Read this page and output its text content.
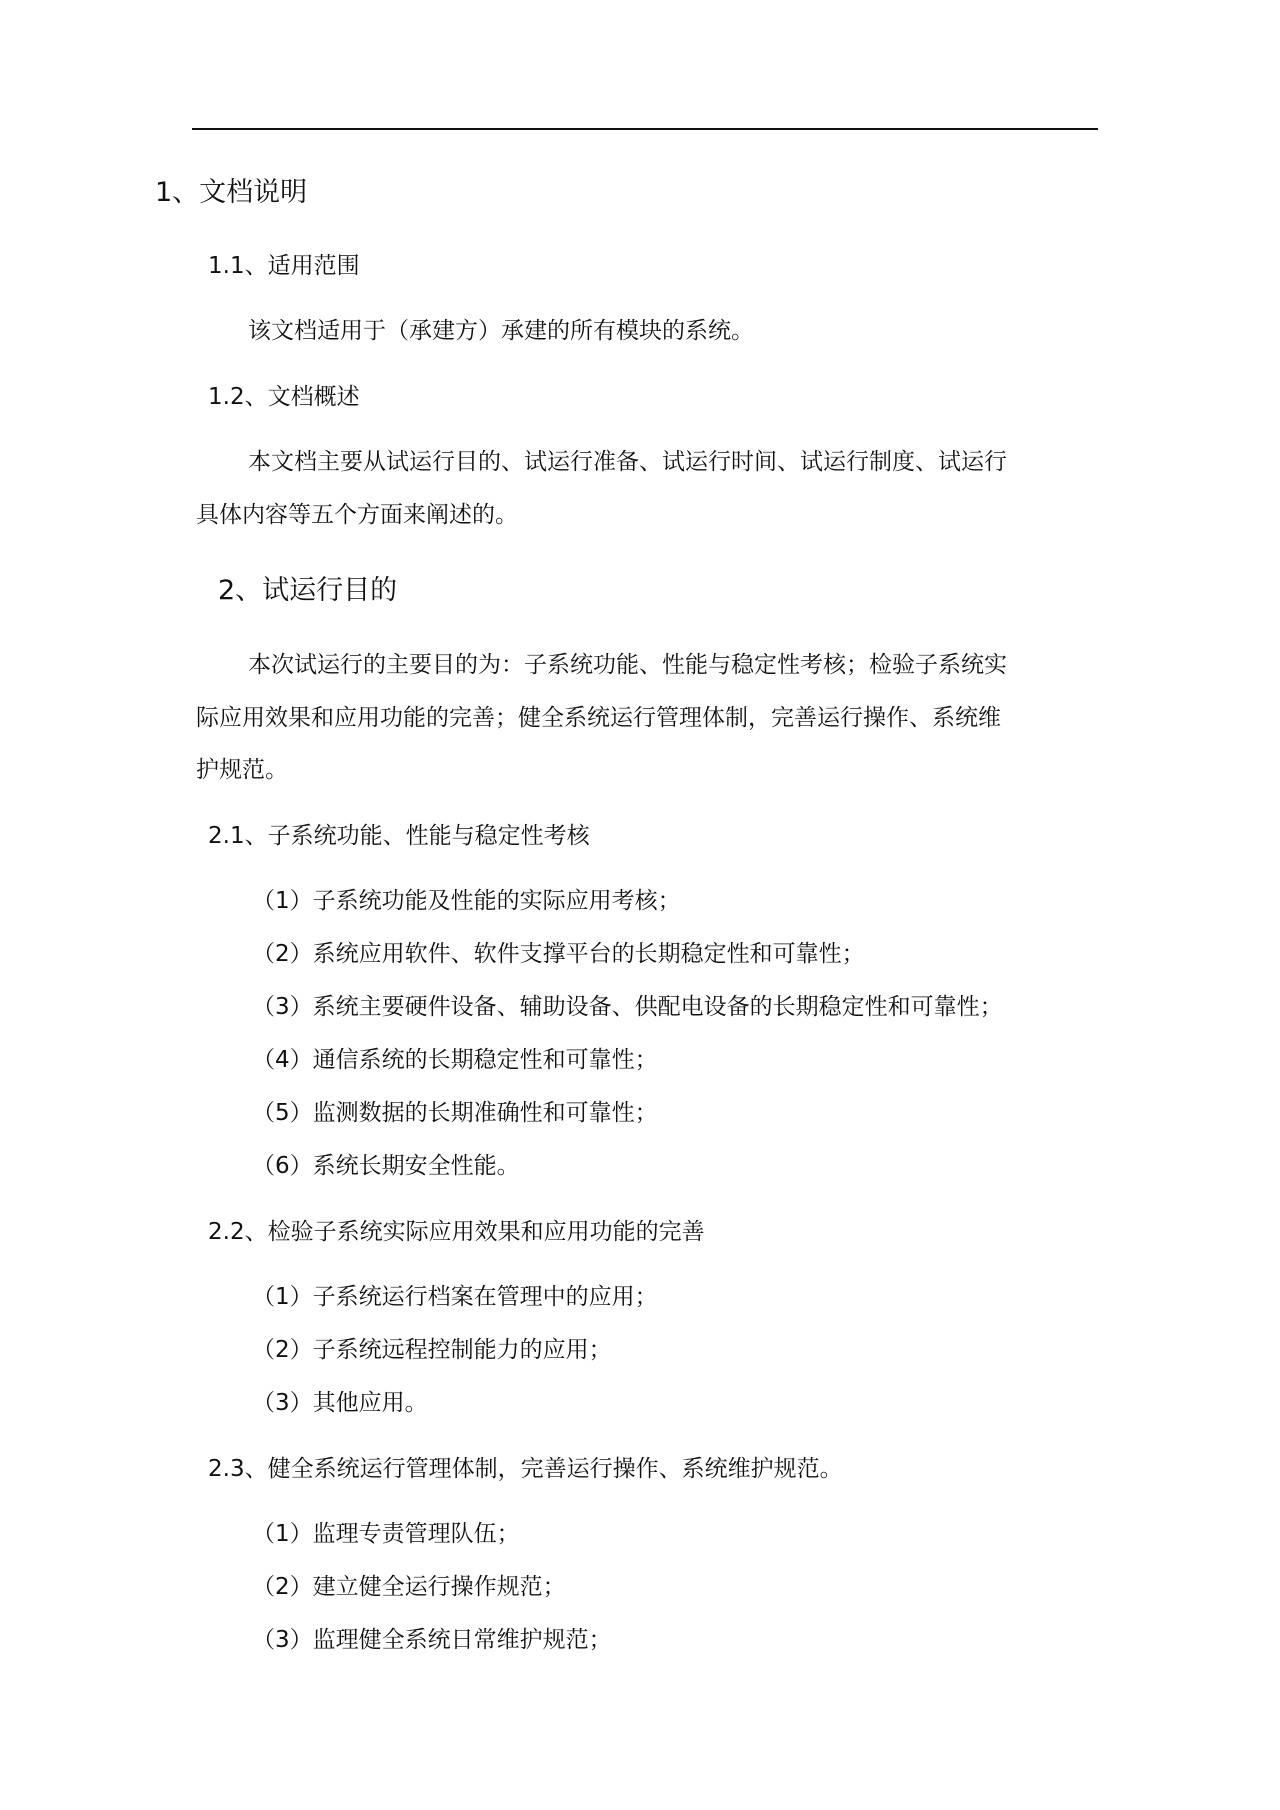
1、文档说明
1.1、适用范围
该文档适用于（承建方）承建的所有模块的系统。
1.2、文档概述
本文档主要从试运行目的、试运行准备、试运行时间、试运行制度、试运行
具体内容等五个方面来阐述的。
2、试运行目的
本次试运行的主要目的为：子系统功能、性能与稳定性考核；检验子系统实
际应用效果和应用功能的完善；健全系统运行管理体制，完善运行操作、系统维
护规范。
2.1、子系统功能、性能与稳定性考核
（1）子系统功能及性能的实际应用考核；
（2）系统应用软件、软件支撑平台的长期稳定性和可靠性；
（3）系统主要硬件设备、辅助设备、供配电设备的长期稳定性和可靠性；
（4）通信系统的长期稳定性和可靠性；
（5）监测数据的长期准确性和可靠性；
（6）系统长期安全性能。
2.2、检验子系统实际应用效果和应用功能的完善
（1）子系统运行档案在管理中的应用；
（2）子系统远程控制能力的应用；
（3）其他应用。
2.3、健全系统运行管理体制，完善运行操作、系统维护规范。
（1）监理专责管理队伍；
（2）建立健全运行操作规范；
（3）监理健全系统日常维护规范；
